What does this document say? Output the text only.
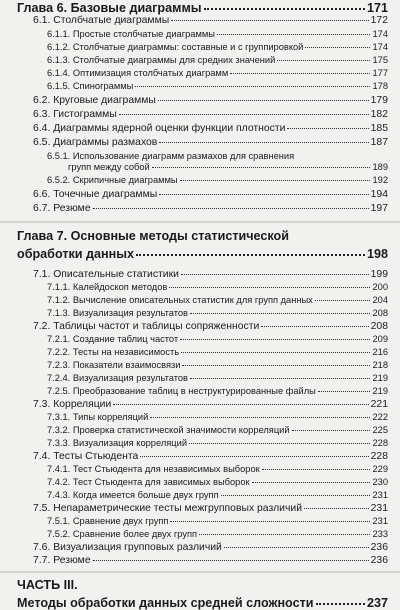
Глава 6. Базовые диаграммы	171
6.1. Столбчатые диаграммы	172
6.1.1. Простые столбчатые диаграммы	174
6.1.2. Столбчатые диаграммы: составные и с группировкой	174
6.1.3. Столбчатые диаграммы для средних значений	175
6.1.4. Оптимизация столбчатых диаграмм	177
6.1.5. Спинограммы	178
6.2. Круговые диаграммы	179
6.3. Гистограммы	182
6.4. Диаграммы ядерной оценки функции плотности	185
6.5. Диаграммы размахов	187
6.5.1. Использование диаграмм размахов для сравнения
групп между собой	189
6.5.2. Скрипичные диаграммы	192
6.6. Точечные диаграммы	194
6.7. Резюме	197
Глава 7. Основные методы статистической
обработки данных	198
7.1. Описательные статистики	199
7.1.1. Калейдоскоп методов	200
7.1.2. Вычисление описательных статистик для групп данных	204
7.1.3. Визуализация результатов	208
7.2. Таблицы частот и таблицы сопряженности	208
7.2.1. Создание таблиц частот	209
7.2.2. Тесты на независимость	216
7.2.3. Показатели взаимосвязи	218
7.2.4. Визуализация результатов	219
7.2.5. Преобразование таблиц в неструктурированные файлы	219
7.3. Корреляции	221
7.3.1. Типы корреляций	222
7.3.2. Проверка статистической значимости корреляций	225
7.3.3. Визуализация корреляций	228
7.4. Тесты Стьюдента	228
7.4.1. Тест Стьюдента для независимых выборок	229
7.4.2. Тест Стьюдента для зависимых выборок	230
7.4.3. Когда имеется больше двух групп	231
7.5. Непараметрические тесты межгрупповых различий	231
7.5.1. Сравнение двух групп	231
7.5.2. Сравнение более двух групп	233
7.6. Визуализация групповых различий	236
7.7. Резюме	236
ЧАСТЬ III.
Методы обработки данных средней сложности	237
